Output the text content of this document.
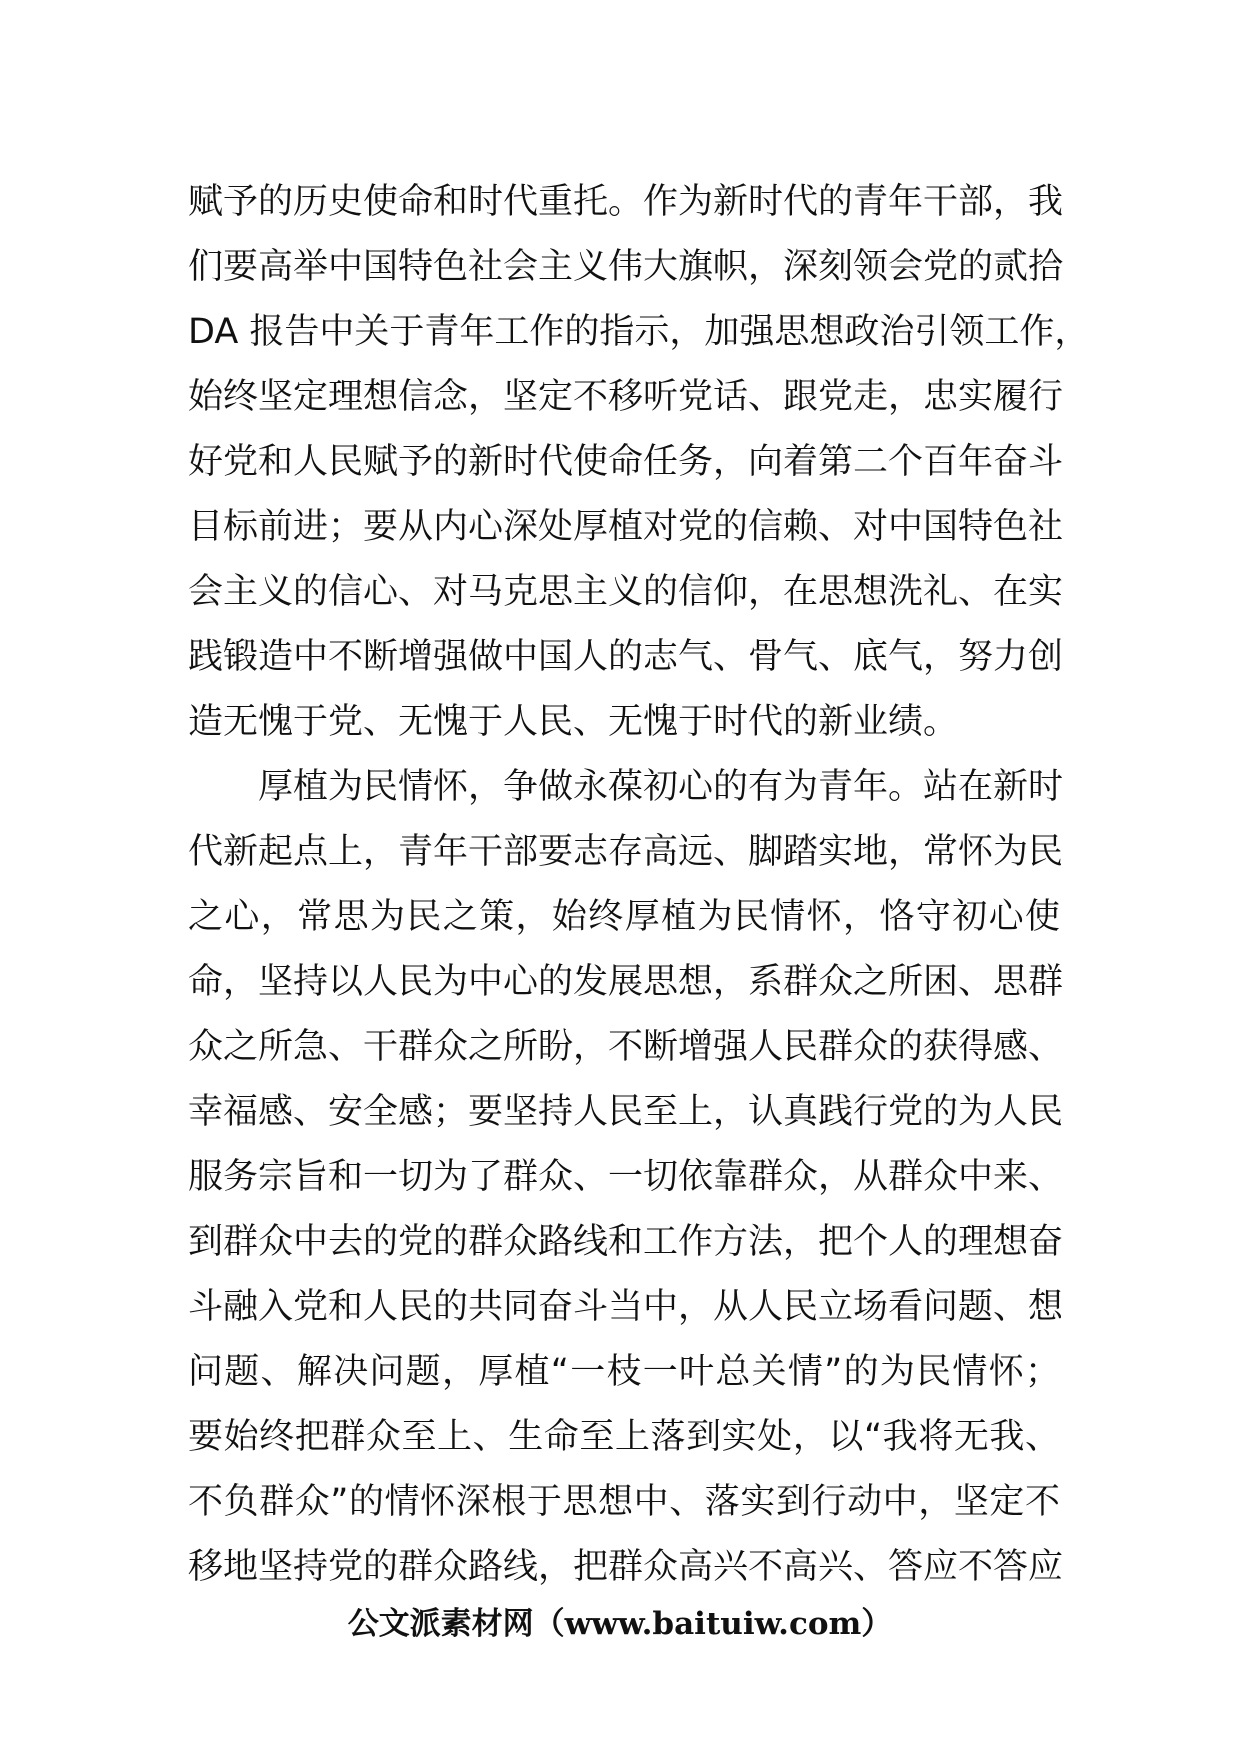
赋予的历史使命和时代重托。作为新时代的青年干部，我
们要高举中国特色社会主义伟大旗帜，深刻领会党的贰拾
DA 报告中关于青年工作的指示，加强思想政治引领工作，
始终坚定理想信念，坚定不移听党话、跟党走，忠实履行
好党和人民赋予的新时代使命任务，向着第二个百年奋斗
目标前进；要从内心深处厚植对党的信赖、对中国特色社
会主义的信心、对马克思主义的信仰，在思想洗礼、在实
践锻造中不断增强做中国人的志气、骨气、底气，努力创
造无愧于党、无愧于人民、无愧于时代的新业绩。
厚植为民情怀，争做永葆初心的有为青年。站在新时
代新起点上，青年干部要志存高远、脚踏实地，常怀为民
之心，常思为民之策，始终厚植为民情怀，恪守初心使
命，坚持以人民为中心的发展思想，系群众之所困、思群
众之所急、干群众之所盼，不断增强人民群众的获得感、
幸福感、安全感；要坚持人民至上，认真践行党的为人民
服务宗旨和一切为了群众、一切依靠群众，从群众中来、
到群众中去的党的群众路线和工作方法，把个人的理想奋
斗融入党和人民的共同奋斗当中，从人民立场看问题、想
问题、解决问题，厚植“一枝一叶总关情”的为民情怀；
要始终把群众至上、生命至上落到实处，以“我将无我、
不负群众”的情怀深根于思想中、落实到行动中，坚定不
移地坚持党的群众路线，把群众高兴不高兴、答应不答应
公文派素材网（www.baituiw.com）
